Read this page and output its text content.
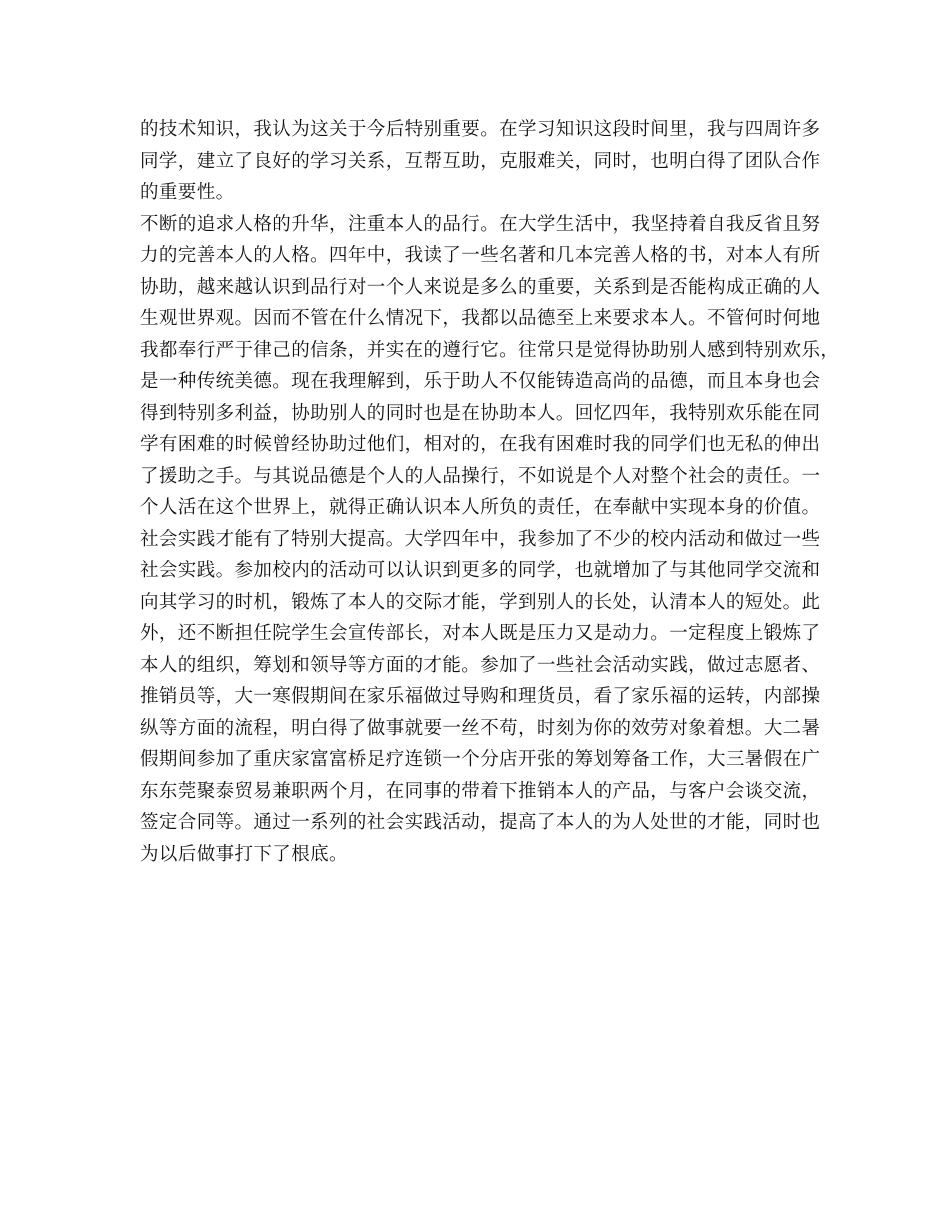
的技术知识，我认为这关于今后特别重要。在学习知识这段时间里，我与四周许多
同学，建立了良好的学习关系，互帮互助，克服难关，同时，也明白得了团队合作
的重要性。
不断的追求人格的升华，注重本人的品行。在大学生活中，我坚持着自我反省且努
力的完善本人的人格。四年中，我读了一些名著和几本完善人格的书，对本人有所
协助，越来越认识到品行对一个人来说是多么的重要，关系到是否能构成正确的人
生观世界观。因而不管在什么情况下，我都以品德至上来要求本人。不管何时何地
我都奉行严于律己的信条，并实在的遵行它。往常只是觉得协助别人感到特别欢乐，
是一种传统美德。现在我理解到，乐于助人不仅能铸造高尚的品德，而且本身也会
得到特别多利益，协助别人的同时也是在协助本人。回忆四年，我特别欢乐能在同
学有困难的时候曾经协助过他们，相对的，在我有困难时我的同学们也无私的伸出
了援助之手。与其说品德是个人的人品操行，不如说是个人对整个社会的责任。一
个人活在这个世界上，就得正确认识本人所负的责任，在奉献中实现本身的价值。
社会实践才能有了特别大提高。大学四年中，我参加了不少的校内活动和做过一些
社会实践。参加校内的活动可以认识到更多的同学，也就增加了与其他同学交流和
向其学习的时机，锻炼了本人的交际才能，学到别人的长处，认清本人的短处。此
外，还不断担任院学生会宣传部长，对本人既是压力又是动力。一定程度上锻炼了
本人的组织，筹划和领导等方面的才能。参加了一些社会活动实践，做过志愿者、
推销员等，大一寒假期间在家乐福做过导购和理货员，看了家乐福的运转，内部操
纵等方面的流程，明白得了做事就要一丝不苟，时刻为你的效劳对象着想。大二暑
假期间参加了重庆家富富桥足疗连锁一个分店开张的筹划筹备工作，大三暑假在广
东东莞聚泰贸易兼职两个月，在同事的带着下推销本人的产品，与客户会谈交流，
签定合同等。通过一系列的社会实践活动，提高了本人的为人处世的才能，同时也
为以后做事打下了根底。
